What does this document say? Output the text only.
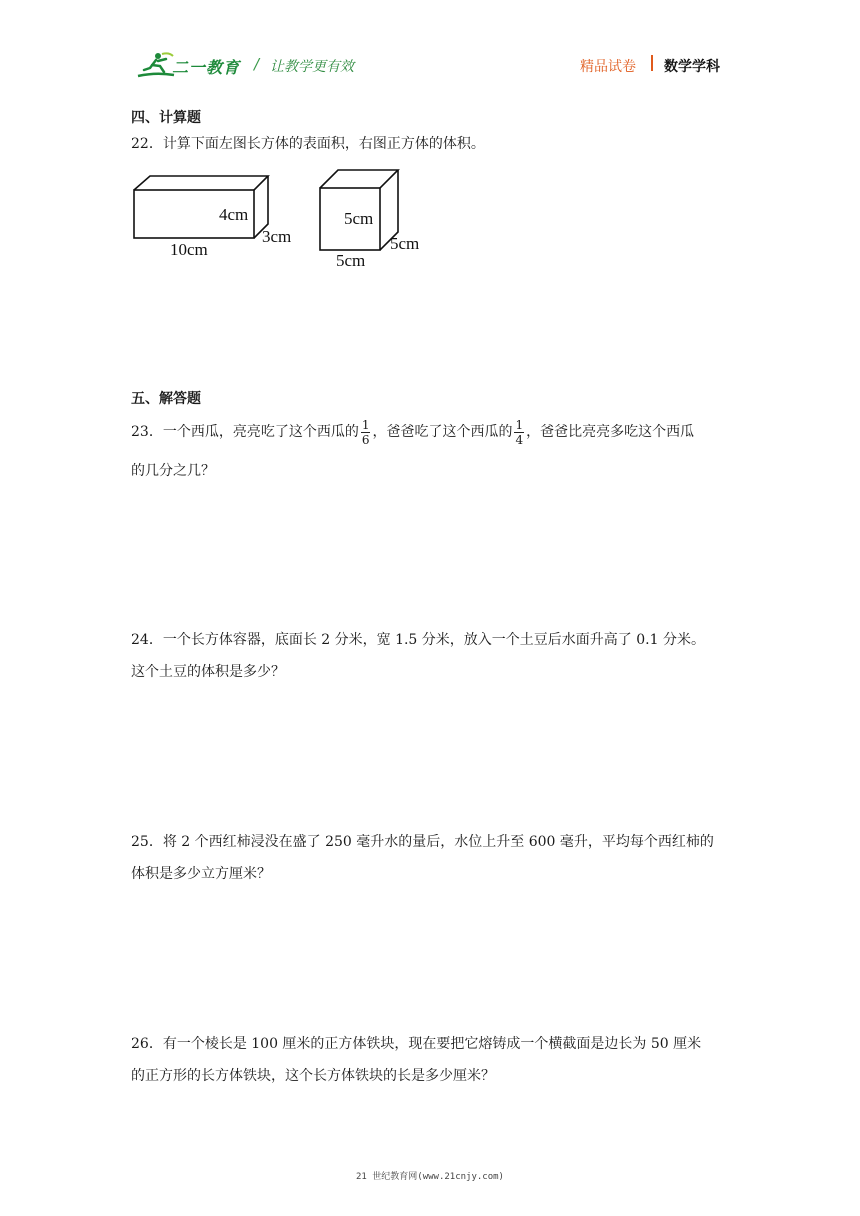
二一教育 / 让教学更有效	精品试卷 数学学科
四、计算题
22．计算下面左图长方体的表面积，右图正方体的体积。
4cm
3cm
10cm
5cm
5cm
5cm
五、解答题
23．一个西瓜，亮亮吃了这个西瓜的 $\frac{1}{6}$ ，爸爸吃了这个西瓜的 $\frac{1}{4}$ ，爸爸比亮亮多吃这个西瓜
的几分之几？
24．一个长方体容器，底面长 2 分米，宽 1.5 分米，放入一个土豆后水面升高了 0.1 分米。
这个土豆的体积是多少？
25．将 2 个西红柿浸没在盛了 250 毫升水的量后，水位上升至 600 毫升，平均每个西红柿的
体积是多少立方厘米？
26．有一个棱长是 100 厘米的正方体铁块，现在要把它熔铸成一个横截面是边长为 50 厘米
的正方形的长方体铁块，这个长方体铁块的长是多少厘米？
21 世纪教育网(www.21cnjy.com)
